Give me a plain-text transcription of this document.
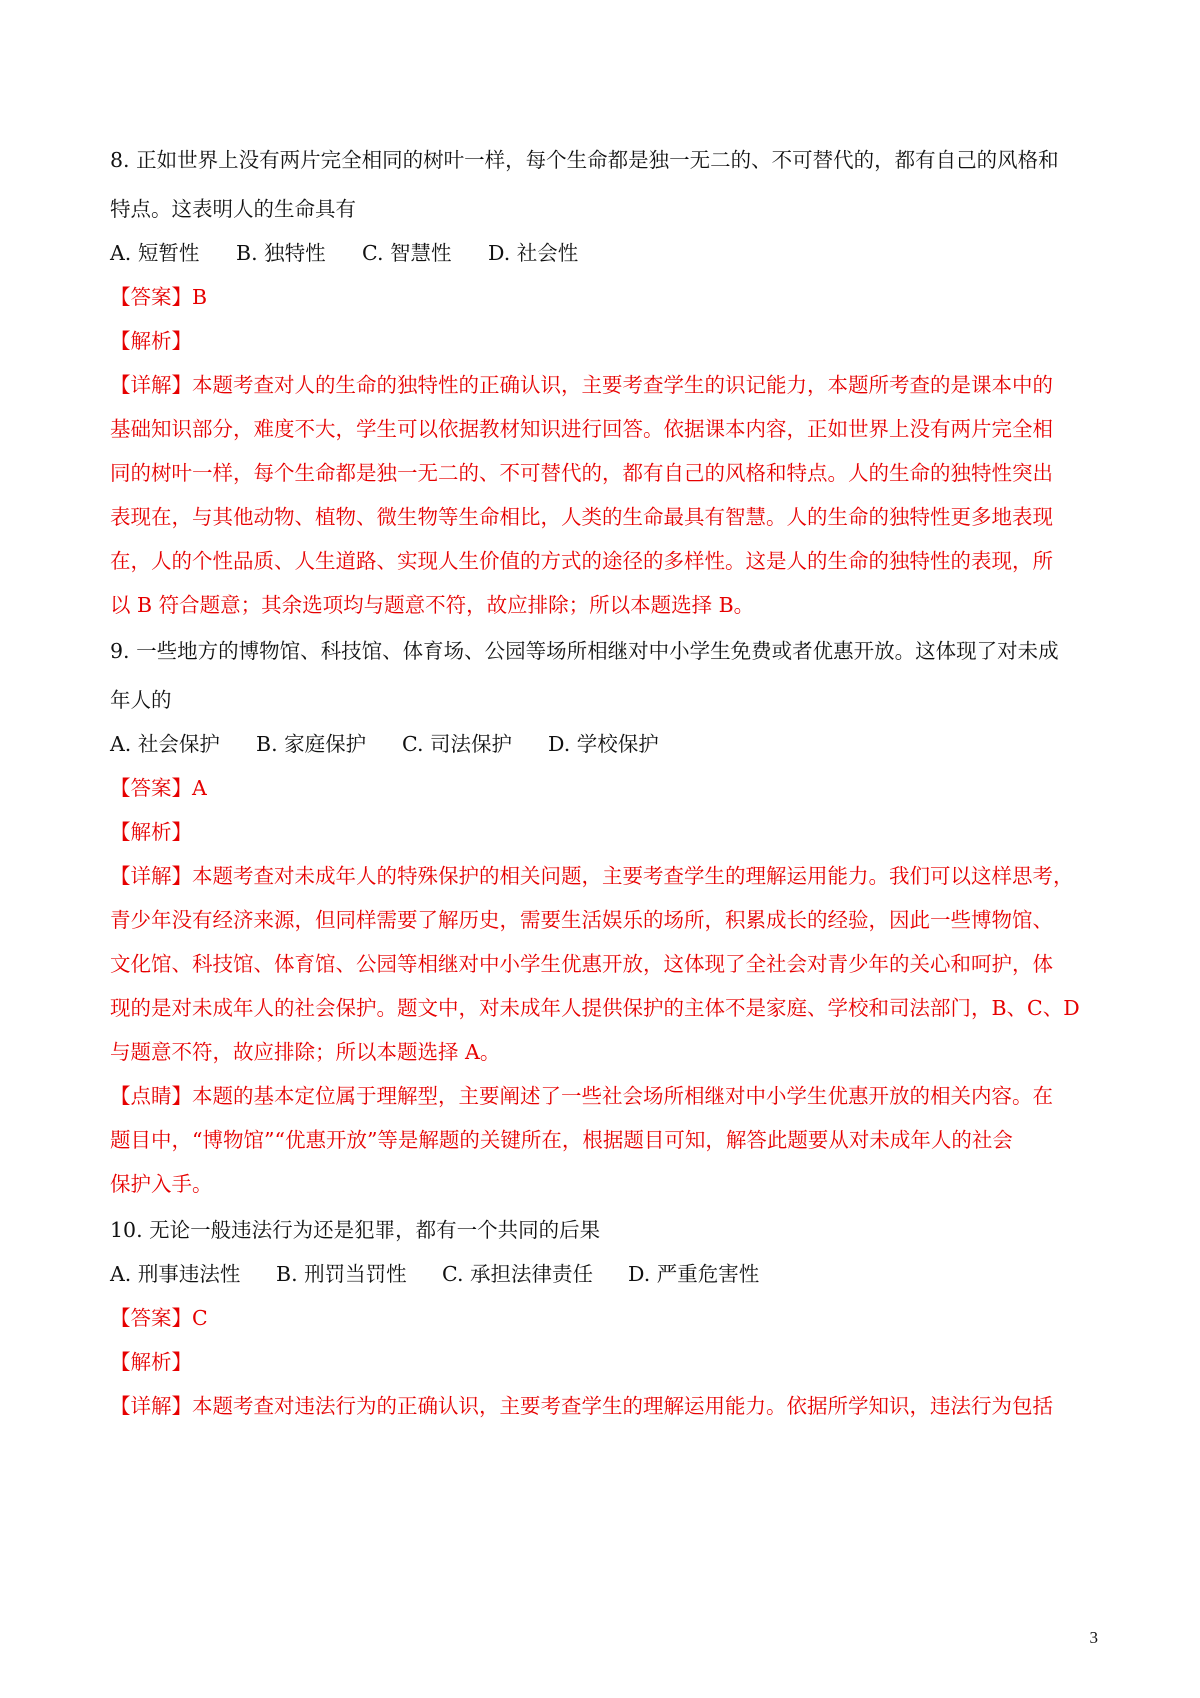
8. 正如世界上没有两片完全相同的树叶一样，每个生命都是独一无二的、不可替代的，都有自己的风格和

特点。这表明人的生命具有

A. 短暂性 B. 独特性 C. 智慧性 D. 社会性

【答案】B

【解析】

【详解】本题考查对人的生命的独特性的正确认识，主要考查学生的识记能力，本题所考查的是课本中的

基础知识部分，难度不大，学生可以依据教材知识进行回答。依据课本内容，正如世界上没有两片完全相

同的树叶一样，每个生命都是独一无二的、不可替代的，都有自己的风格和特点。人的生命的独特性突出

表现在，与其他动物、植物、微生物等生命相比，人类的生命最具有智慧。人的生命的独特性更多地表现

在，人的个性品质、人生道路、实现人生价值的方式的途径的多样性。这是人的生命的独特性的表现，所

以 B 符合题意；其余选项均与题意不符，故应排除；所以本题选择 B。

9. 一些地方的博物馆、科技馆、体育场、公园等场所相继对中小学生免费或者优惠开放。这体现了对未成

年人的

A. 社会保护 B. 家庭保护 C. 司法保护 D. 学校保护

【答案】A

【解析】

【详解】本题考查对未成年人的特殊保护的相关问题，主要考查学生的理解运用能力。我们可以这样思考，

青少年没有经济来源，但同样需要了解历史，需要生活娱乐的场所，积累成长的经验，因此一些博物馆、

文化馆、科技馆、体育馆、公园等相继对中小学生优惠开放，这体现了全社会对青少年的关心和呵护，体

现的是对未成年人的社会保护。题文中，对未成年人提供保护的主体不是家庭、学校和司法部门，B、C、D

与题意不符，故应排除；所以本题选择 A。

【点睛】本题的基本定位属于理解型，主要阐述了一些社会场所相继对中小学生优惠开放的相关内容。在

题目中，“博物馆”“优惠开放”等是解题的关键所在，根据题目可知，解答此题要从对未成年人的社会

保护入手。

10. 无论一般违法行为还是犯罪，都有一个共同的后果

A. 刑事违法性 B. 刑罚当罚性 C. 承担法律责任 D. 严重危害性

【答案】C

【解析】

【详解】本题考查对违法行为的正确认识，主要考查学生的理解运用能力。依据所学知识，违法行为包括

3
